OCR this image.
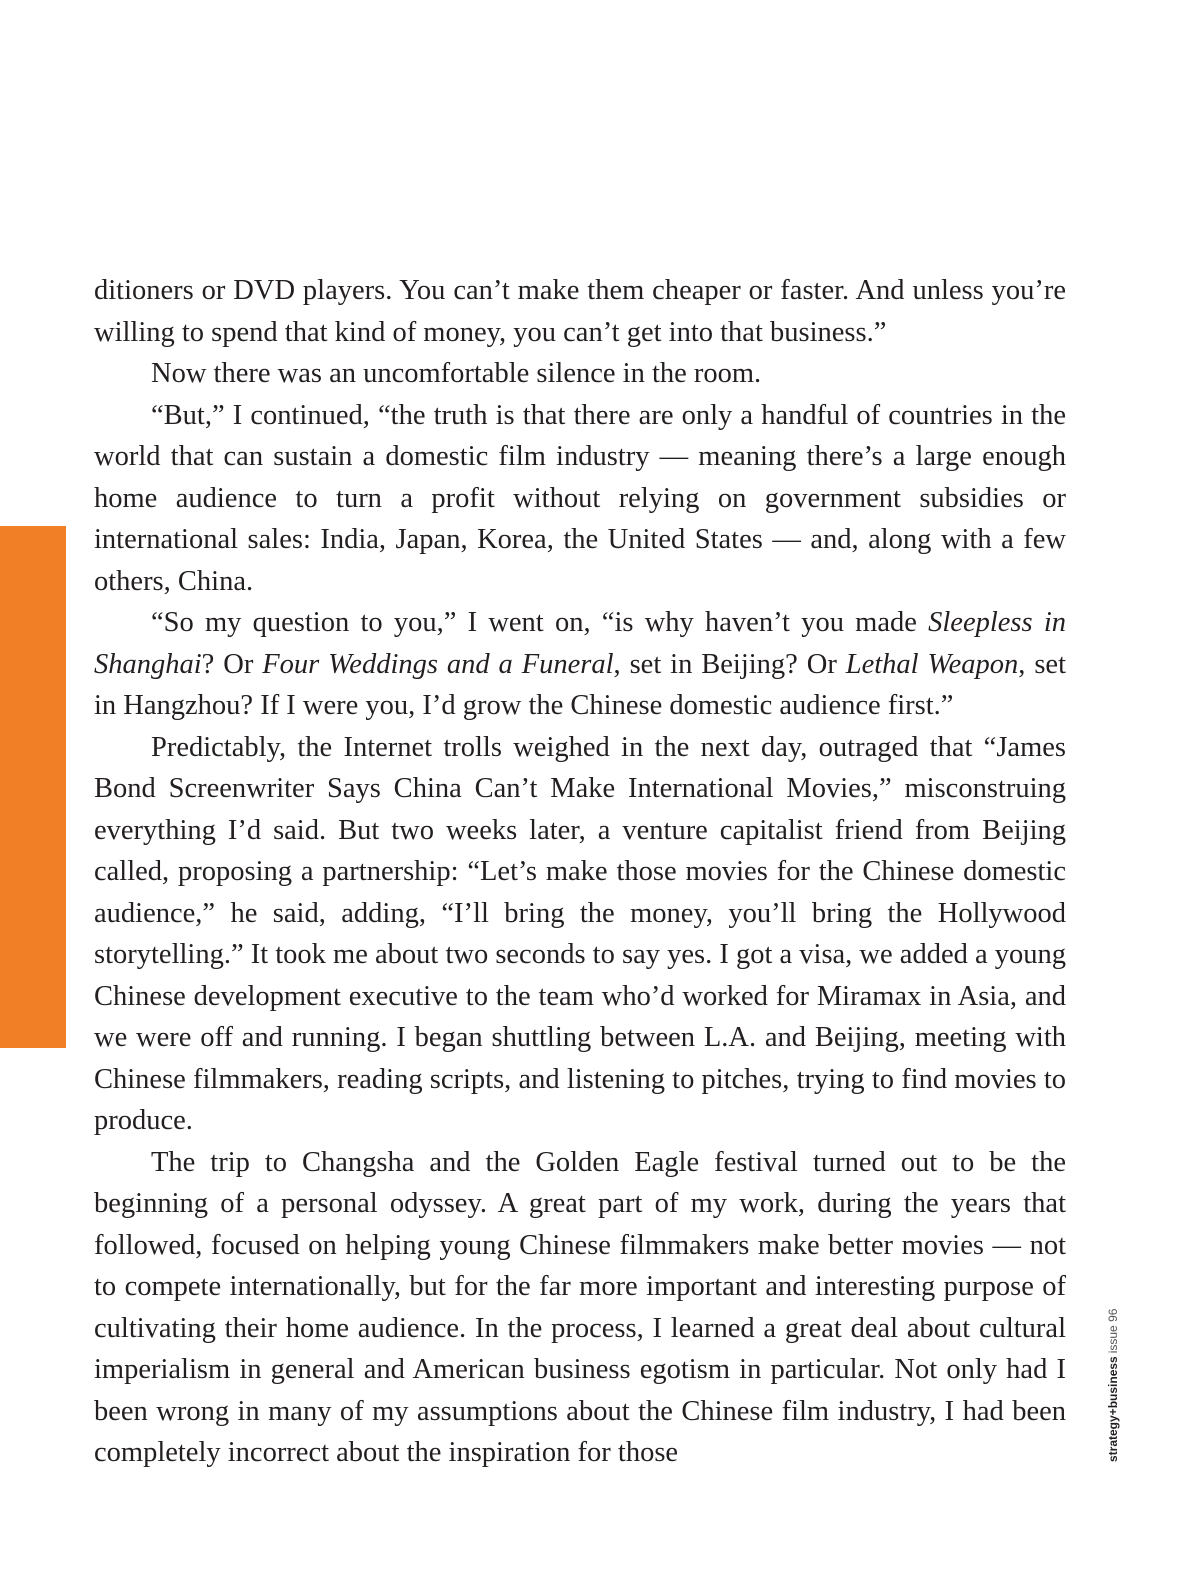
feature|tech & innovation
122

ditioners or DVD players. You can’t make them cheaper or faster. And unless you’re willing to spend that kind of money, you can’t get into that business.”

Now there was an uncomfortable silence in the room.

“But,” I continued, “the truth is that there are only a handful of countries in the world that can sustain a domestic film industry — meaning there’s a large enough home audience to turn a profit without relying on government subsidies or international sales: India, Japan, Korea, the United States — and, along with a few others, China.

“So my question to you,” I went on, “is why haven’t you made Sleepless in Shanghai? Or Four Weddings and a Funeral, set in Beijing? Or Lethal Weapon, set in Hangzhou? If I were you, I’d grow the Chinese domestic audience first.”

Predictably, the Internet trolls weighed in the next day, outraged that “James Bond Screenwriter Says China Can’t Make International Movies,” misconstruing everything I’d said. But two weeks later, a venture capitalist friend from Beijing called, proposing a partnership: “Let’s make those movies for the Chinese domestic audience,” he said, adding, “I’ll bring the money, you’ll bring the Hollywood storytelling.” It took me about two seconds to say yes. I got a visa, we added a young Chinese development executive to the team who’d worked for Miramax in Asia, and we were off and running. I began shuttling between L.A. and Beijing, meeting with Chinese filmmakers, reading scripts, and listening to pitches, trying to find movies to produce.

The trip to Changsha and the Golden Eagle festival turned out to be the beginning of a personal odyssey. A great part of my work, during the years that followed, focused on helping young Chinese filmmakers make better movies — not to compete internationally, but for the far more important and interesting purpose of cultivating their home audience. In the process, I learned a great deal about cultural imperialism in general and American business egotism in particular. Not only had I been wrong in many of my assumptions about the Chinese film industry, I had been completely incorrect about the inspiration for those	strategy+businessissue 96
